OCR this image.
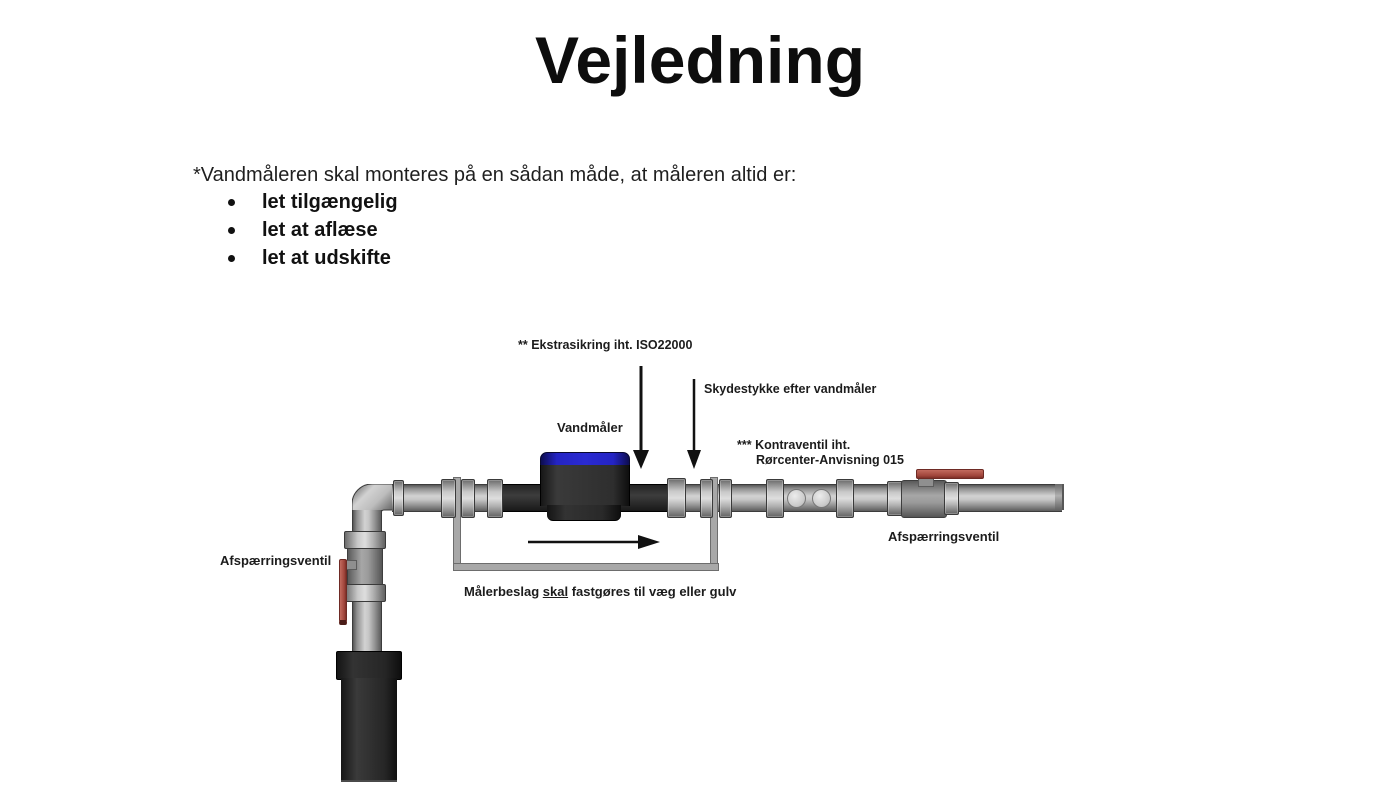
Vejledning
*Vandmåleren skal monteres på en sådan måde, at måleren altid er:
let tilgængelig
let at aflæse
let at udskifte
** Ekstrasikring iht. ISO22000
Skydestykke efter vandmåler
Vandmåler
*** Kontraventil iht.
Rørcenter-Anvisning 015
Afspærringsventil
Afspærringsventil
Målerbeslag skal fastgøres til væg eller gulv
